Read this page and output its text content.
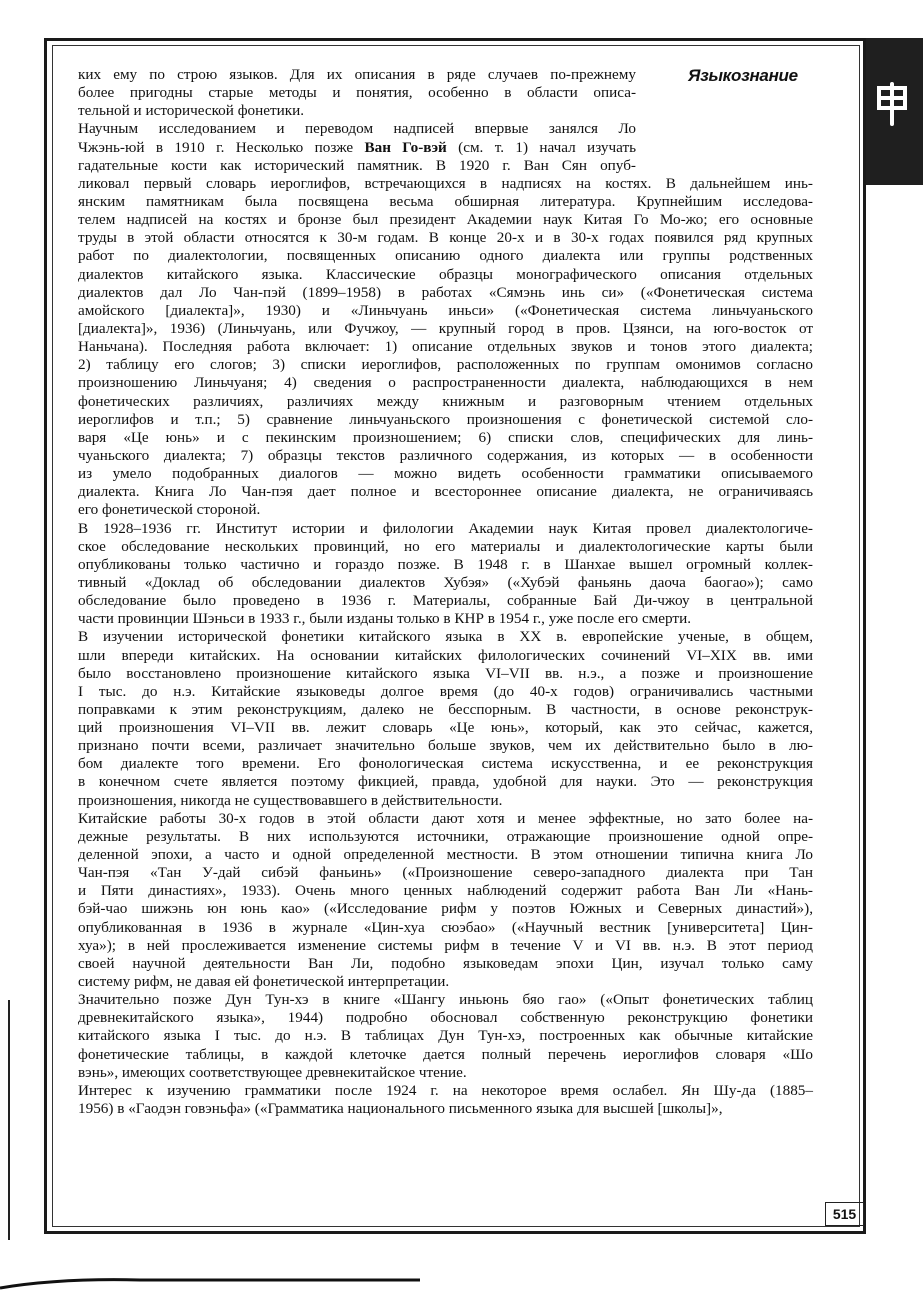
Языкознание
ких ему по строю языков. Для их описания в ряде случаев по-прежнему
более пригодны старые методы и понятия, особенно в области описа-
тельной и исторической фонетики.
Научным исследованием и переводом надписей впервые занялся Ло
Чжэнь-юй в 1910 г. Несколько позже Ван Го-вэй (см. т. 1) начал изучать
гадательные кости как исторический памятник. В 1920 г. Ван Сян опуб-
ликовал первый словарь иероглифов, встречающихся в надписях на костях. В дальнейшем инь-
янским памятникам была посвящена весьма обширная литература. Крупнейшим исследова-
телем надписей на костях и бронзе был президент Академии наук Китая Го Мо-жо; его основные
труды в этой области относятся к 30-м годам. В конце 20-х и в 30-х годах появился ряд крупных
работ по диалектологии, посвященных описанию одного диалекта или группы родственных
диалектов китайского языка. Классические образцы монографического описания отдельных
диалектов дал Ло Чан-пэй (1899–1958) в работах «Сямэнь инь си» («Фонетическая система
амойского [диалекта]», 1930) и «Линьчуань иньси» («Фонетическая система линьчуаньского
[диалекта]», 1936) (Линьчуань, или Фучжоу, — крупный город в пров. Цзянси, на юго-восток от
Наньчана). Последняя работа включает: 1) описание отдельных звуков и тонов этого диалекта;
2) таблицу его слогов; 3) списки иероглифов, расположенных по группам омонимов согласно
произношению Линьчуаня; 4) сведения о распространенности диалекта, наблюдающихся в нем
фонетических различиях, различиях между книжным и разговорным чтением отдельных
иероглифов и т.п.; 5) сравнение линьчуаньского произношения с фонетической системой сло-
варя «Це юнь» и с пекинским произношением; 6) списки слов, специфических для линь-
чуаньского диалекта; 7) образцы текстов различного содержания, из которых — в особенности
из умело подобранных диалогов — можно видеть особенности грамматики описываемого
диалекта. Книга Ло Чан-пэя дает полное и всестороннее описание диалекта, не ограничиваясь
его фонетической стороной.
В 1928–1936 гг. Институт истории и филологии Академии наук Китая провел диалектологиче-
ское обследование нескольких провинций, но его материалы и диалектологические карты были
опубликованы только частично и гораздо позже. В 1948 г. в Шанхае вышел огромный коллек-
тивный «Доклад об обследовании диалектов Хубэя» («Хубэй фаньянь даоча баогао»); само
обследование было проведено в 1936 г. Материалы, собранные Бай Ди-чжоу в центральной
части провинции Шэньси в 1933 г., были изданы только в КНР в 1954 г., уже после его смерти.
В изучении исторической фонетики китайского языка в XX в. европейские ученые, в общем,
шли впереди китайских. На основании китайских филологических сочинений VI–XIX вв. ими
было восстановлено произношение китайского языка VI–VII вв. н.э., а позже и произношение
I тыс. до н.э. Китайские языковеды долгое время (до 40-х годов) ограничивались частными
поправками к этим реконструкциям, далеко не бесспорным. В частности, в основе реконструк-
ций произношения VI–VII вв. лежит словарь «Це юнь», который, как это сейчас, кажется,
признано почти всеми, различает значительно больше звуков, чем их действительно было в лю-
бом диалекте того времени. Его фонологическая система искусственна, и ее реконструкция
в конечном счете является поэтому фикцией, правда, удобной для науки. Это — реконструкция
произношения, никогда не существовавшего в действительности.
Китайские работы 30-х годов в этой области дают хотя и менее эффектные, но зато более на-
дежные результаты. В них используются источники, отражающие произношение одной опре-
деленной эпохи, а часто и одной определенной местности. В этом отношении типична книга Ло
Чан-пэя «Тан У-дай сибэй фаньинь» («Произношение северо-западного диалекта при Тан
и Пяти династиях», 1933). Очень много ценных наблюдений содержит работа Ван Ли «Нань-
бэй-чао шижэнь юн юнь као» («Исследование рифм у поэтов Южных и Северных династий»),
опубликованная в 1936 в журнале «Цин-хуа сюэбао» («Научный вестник [университета] Цин-
хуа»); в ней прослеживается изменение системы рифм в течение V и VI вв. н.э. В этот период
своей научной деятельности Ван Ли, подобно языковедам эпохи Цин, изучал только саму
систему рифм, не давая ей фонетической интерпретации.
Значительно позже Дун Тун-хэ в книге «Шангу иньюнь бяо гао» («Опыт фонетических таблиц
древнекитайского языка», 1944) подробно обосновал собственную реконструкцию фонетики
китайского языка I тыс. до н.э. В таблицах Дун Тун-хэ, построенных как обычные китайские
фонетические таблицы, в каждой клеточке дается полный перечень иероглифов словаря «Шо
вэнь», имеющих соответствующее древнекитайское чтение.
Интерес к изучению грамматики после 1924 г. на некоторое время ослабел. Ян Шу-да (1885–
1956) в «Гаодэн говэньфа» («Грамматика национального письменного языка для высшей [школы]»,
515
